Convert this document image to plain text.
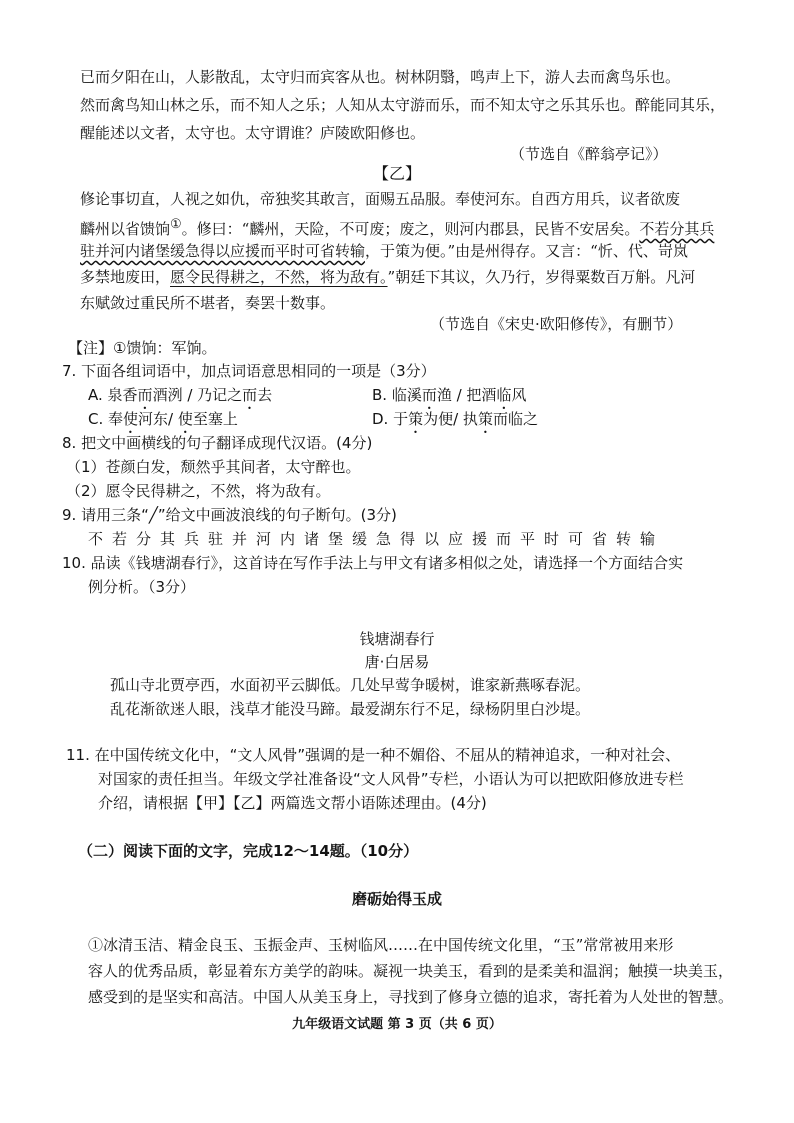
已而夕阳在山，人影散乱，太守归而宾客从也。树林阴翳，鸣声上下，游人去而禽鸟乐也。
然而禽鸟知山林之乐，而不知人之乐；人知从太守游而乐，而不知太守之乐其乐也。醉能同其乐，
醒能述以文者，太守也。太守谓谁？庐陵欧阳修也。
（节选自《醉翁亭记》）
【乙】
修论事切直，人视之如仇，帝独奖其敢言，面赐五品服。奉使河东。自西方用兵，议者欲废
麟州以省馈饷①。修曰：“麟州，天险，不可废；废之，则河内郡县，民皆不安居矣。不若分其兵
驻并河内诸堡缓急得以应援而平时可省转输，于策为便。”由是州得存。又言：“忻、代、岢岚
多禁地废田，愿令民得耕之，不然，将为敌有。”朝廷下其议，久乃行，岁得粟数百万斛。凡河
东赋敛过重民所不堪者，奏罢十数事。
（节选自《宋史·欧阳修传》，有删节）
【注】①馈饷：军饷。
7. 下面各组词语中，加点词语意思相同的一项是（3分）
A. 泉香而酒洌 / 乃记之而去	B. 临溪而渔 / 把酒临风
C. 奉使河东/ 使至塞上	D. 于策为便/ 执策而临之
8. 把文中画横线的句子翻译成现代汉语。(4分)
（1）苍颜白发，颓然乎其间者，太守醉也。
（2）愿令民得耕之，不然，将为敌有。
9. 请用三条“╱”给文中画波浪线的句子断句。(3分)
不若分其兵驻并河内诸堡缓急得以应援而平时可省转输
10. 品读《钱塘湖春行》，这首诗在写作手法上与甲文有诸多相似之处，请选择一个方面结合实
例分析。（3分）
钱塘湖春行
唐·白居易
孤山寺北贾亭西，水面初平云脚低。几处早莺争暖树，谁家新燕啄春泥。
乱花渐欲迷人眼，浅草才能没马蹄。最爱湖东行不足，绿杨阴里白沙堤。
11. 在中国传统文化中，“文人风骨”强调的是一种不媚俗、不屈从的精神追求，一种对社会、
对国家的责任担当。年级文学社准备设“文人风骨”专栏，小语认为可以把欧阳修放进专栏
介绍，请根据【甲】【乙】两篇选文帮小语陈述理由。(4分)
（二）阅读下面的文字，完成12～14题。（10分）
磨砺始得玉成
①冰清玉洁、精金良玉、玉振金声、玉树临风……在中国传统文化里，“玉”常常被用来形
容人的优秀品质，彰显着东方美学的韵味。凝视一块美玉，看到的是柔美和温润；触摸一块美玉，
感受到的是坚实和高洁。中国人从美玉身上，寻找到了修身立德的追求，寄托着为人处世的智慧。
九年级语文试题 第 3 页（共 6 页）
